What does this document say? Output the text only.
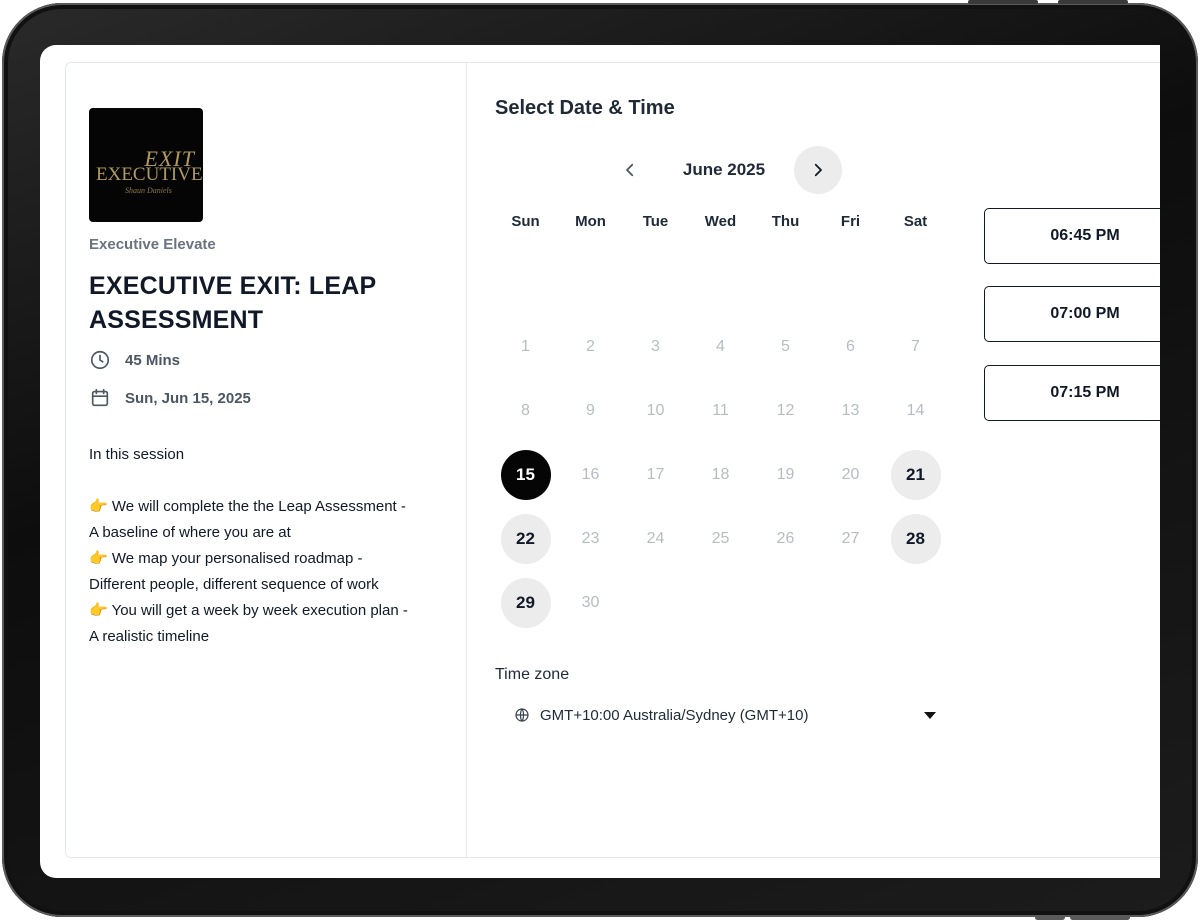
EXIT
EXECUTIVE
Shaun Daniels
Executive Elevate
EXECUTIVE EXIT: LEAP ASSESSMENT
45 Mins
Sun, Jun 15, 2025

In this session

👉 We will complete the the Leap Assessment -

A baseline of where you are at

👉 We map your personalised roadmap -

Different people, different sequence of work

👉 You will get a week by week execution plan -

A realistic timeline

Select Date & Time
June 2025
Sun	Mon	Tue	Wed	Thu	Fri	Sat
1	2	3	4	5	6	7
8	9	10	11	12	13	14
15	16	17	18	19	20	21
22	23	24	25	26	27	28
29	30
Time zone
GMT+10:00 Australia/Sydney (GMT+10)
06:45 PM
07:00 PM
07:15 PM
